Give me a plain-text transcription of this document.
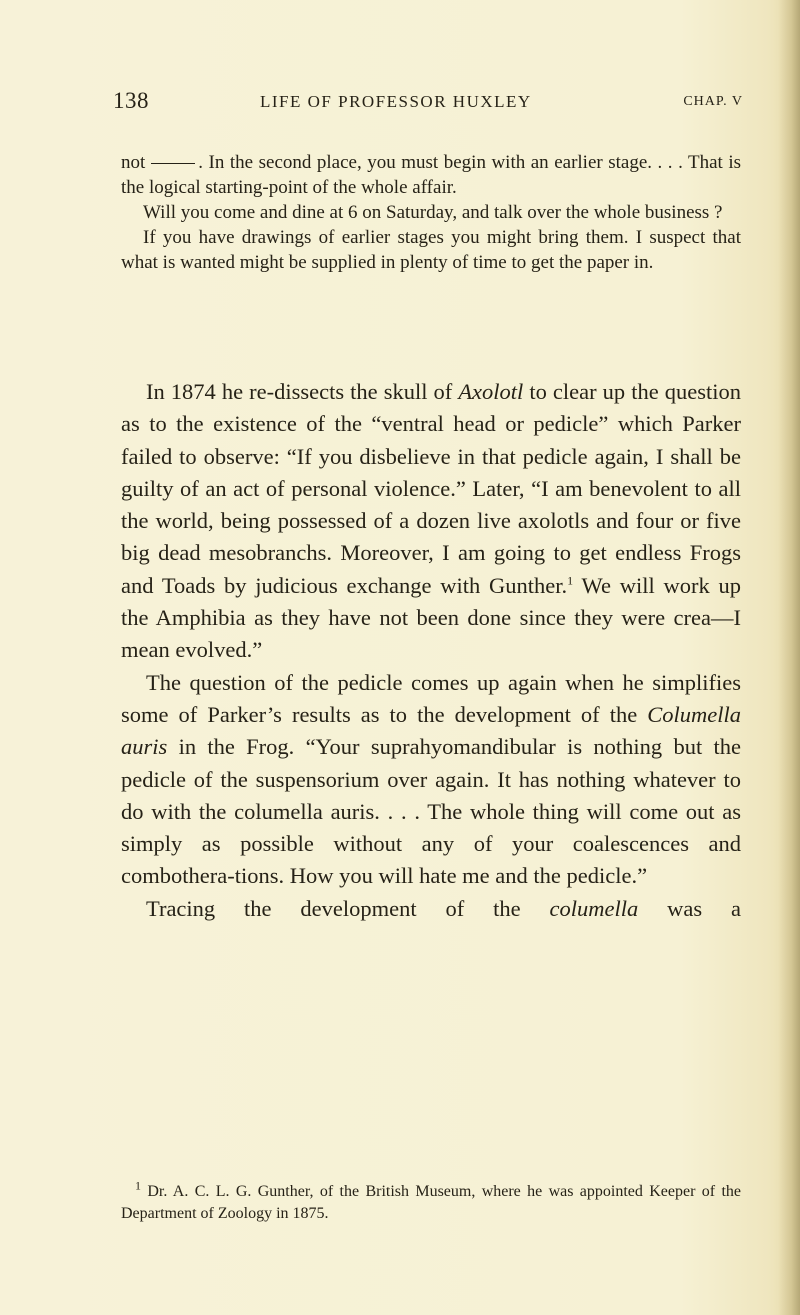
138	LIFE OF PROFESSOR HUXLEY	CHAP. V

not	. In the second place, you must begin with an earlier stage. . . . That is the logical starting-point of the whole affair.

Will you come and dine at 6 on Saturday, and talk over the whole business ?

If you have drawings of earlier stages you might bring them. I suspect that what is wanted might be supplied in plenty of time to get the paper in.

In 1874 he re-dissects the skull of Axolotl to clear up the question as to the existence of the “ventral head or pedicle” which Parker failed to observe: “If you disbelieve in that pedicle again, I shall be guilty of an act of personal violence.” Later, “I am benevolent to all the world, being possessed of a dozen live axolotls and four or five big dead mesobranchs. Moreover, I am going to get endless Frogs and Toads by judicious exchange with Gunther.$^1$ We will work up the Amphibia as they have not been done since they were crea—I mean evolved.”

The question of the pedicle comes up again when he simplifies some of Parker’s results as to the development of the Columella auris in the Frog. “Your suprahyomandibular is nothing but the pedicle of the suspensorium over again. It has nothing whatever to do with the columella auris. . . . The whole thing will come out as simply as possible without any of your coalescences and combothera-tions. How you will hate me and the pedicle.”

Tracing the development of the columella was a

$^1$ Dr. A. C. L. G. Gunther, of the British Museum, where he was appointed Keeper of the Department of Zoology in 1875.
